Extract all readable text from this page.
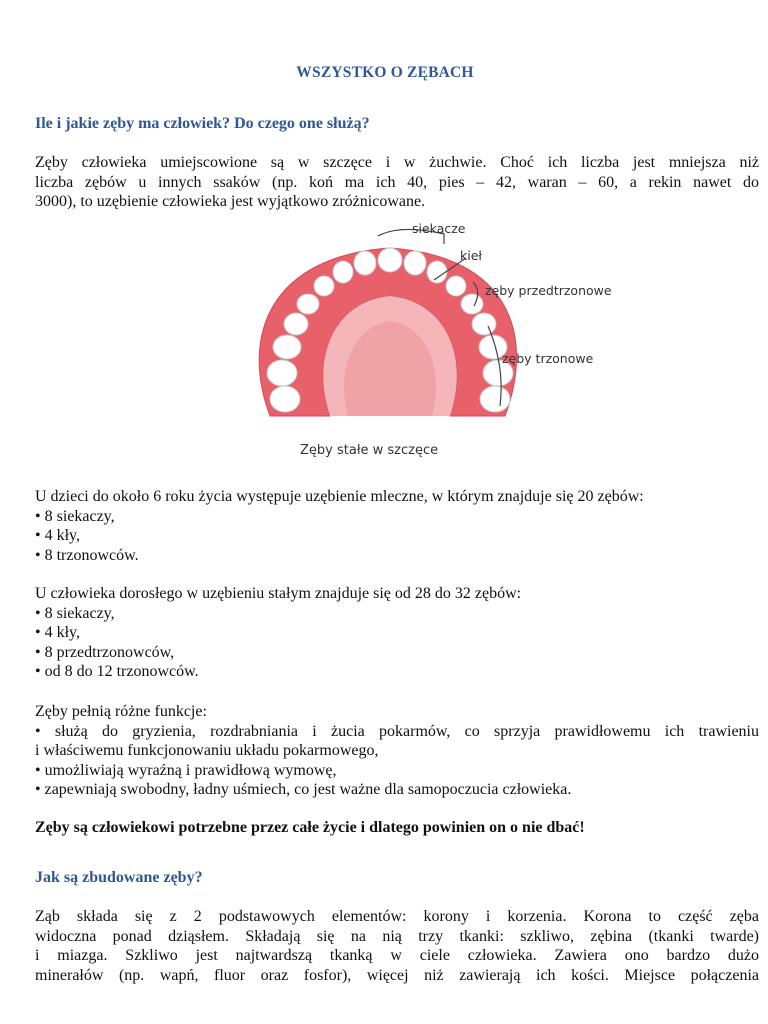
WSZYSTKO O ZĘBACH
Ile i jakie zęby ma człowiek? Do czego one służą?
Zęby człowieka umiejscowione są w szczęce i w żuchwie. Choć ich liczba jest mniejsza niż
liczba zębów u innych ssaków (np. koń ma ich 40, pies – 42, waran – 60, a rekin nawet do
3000), to uzębienie człowieka jest wyjątkowo zróżnicowane.
siekacze
kieł
zęby przedtrzonowe
zęby trzonowe
Zęby stałe w szczęce
U dzieci do około 6 roku życia występuje uzębienie mleczne, w którym znajduje się 20 zębów:
• 8 siekaczy,
• 4 kły,
• 8 trzonowców.
U człowieka dorosłego w uzębieniu stałym znajduje się od 28 do 32 zębów:
• 8 siekaczy,
• 4 kły,
• 8 przedtrzonowców,
• od 8 do 12 trzonowców.
Zęby pełnią różne funkcje:
• służą do gryzienia, rozdrabniania i żucia pokarmów, co sprzyja prawidłowemu ich trawieniu
i właściwemu funkcjonowaniu układu pokarmowego,
• umożliwiają wyraźną i prawidłową wymowę,
• zapewniają swobodny, ładny uśmiech, co jest ważne dla samopoczucia człowieka.
Zęby są człowiekowi potrzebne przez całe życie i dlatego powinien on o nie dbać!
Jak są zbudowane zęby?
Ząb składa się z 2 podstawowych elementów: korony i korzenia. Korona to część zęba
widoczna ponad dziąsłem. Składają się na nią trzy tkanki: szkliwo, zębina (tkanki twarde)
i miazga. Szkliwo jest najtwardszą tkanką w ciele człowieka. Zawiera ono bardzo dużo
minerałów (np. wapń, fluor oraz fosfor), więcej niż zawierają ich kości. Miejsce połączenia
